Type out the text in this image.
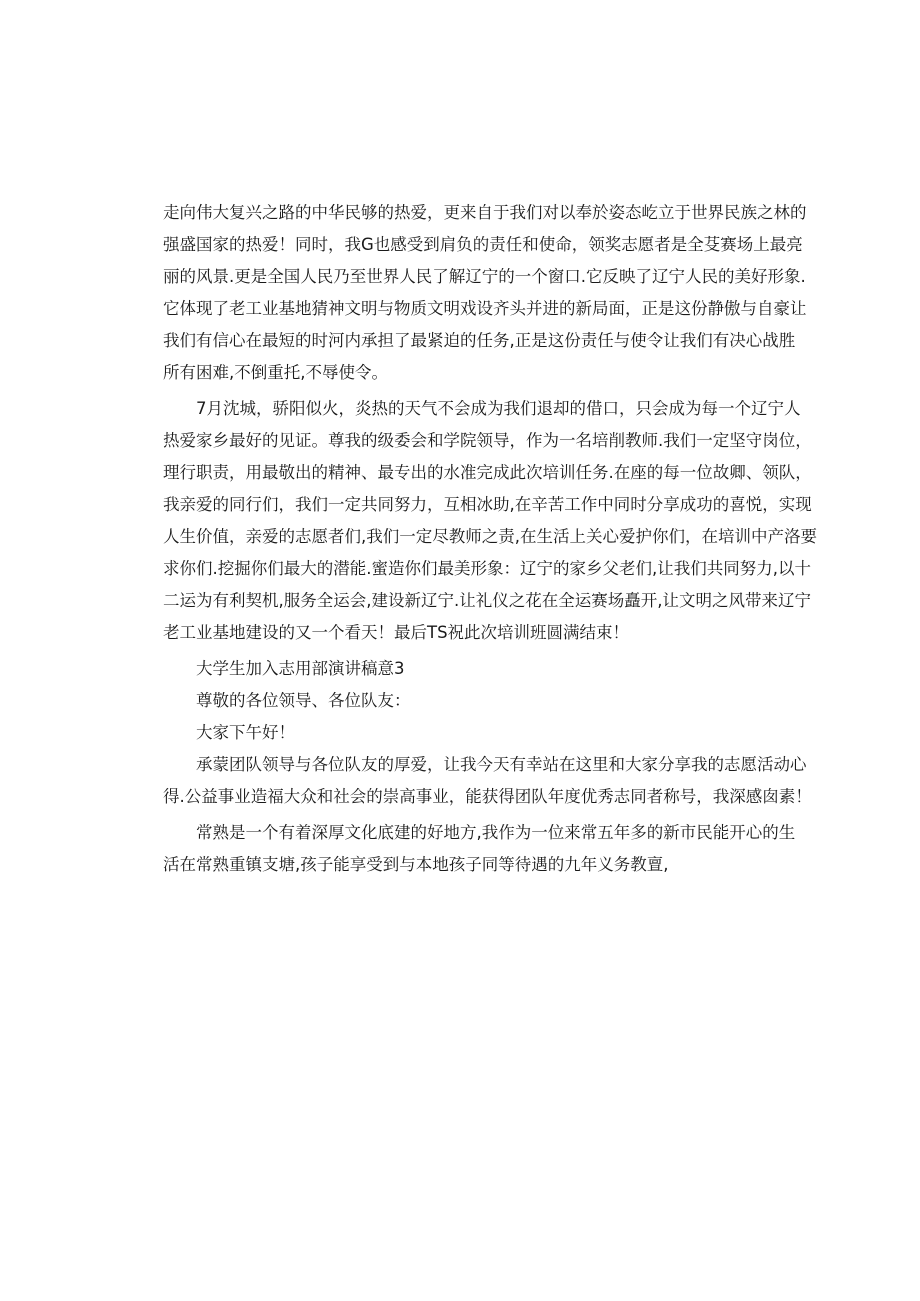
走向伟大复兴之路的中华民够的热爱，更来自于我们对以奉於姿态屹立于世界民族之林的
强盛国家的热爱！同时，我G也感受到肩负的责任和使命，领奖志愿者是全芟赛场上最亮
丽的风景.更是全国人民乃至世界人民了解辽宁的一个窗口.它反映了辽宁人民的美好形象.
它体现了老工业基地猜神文明与物质文明戏设齐头并进的新局面，正是这份静傲与自豪让
我们有信心在最短的时河内承担了最紧迫的任务,正是这份责任与使令让我们有决心战胜
所有困难,不倒重托,不辱使令。
7月沈城，骄阳似火，炎热的天气不会成为我们退却的借口，只会成为每一个辽宁人
热爱家乡最好的见证。尊我的级委会和学院领导，作为一名培削教师.我们一定坚守岗位，
理行职责，用最敬出的精神、最专出的水准完成此次培训任务.在座的每一位故卿、领队，
我亲爱的同行们，我们一定共同努力，互相冰助,在辛苦工作中同时分享成功的喜悦，实现
人生价值，亲爱的志愿者们,我们一定尽教师之责,在生活上关心爱护你们，在培训中产洛要
求你们.挖掘你们最大的潜能.蜜造你们最美形象：辽宁的家乡父老们,让我们共同努力,以十
二运为有利契机,服务全运会,建设新辽宁.让礼仪之花在全运赛场矗开,让文明之风带来辽宁
老工业基地建设的又一个看天！最后TS祝此次培训班圆满结束！
大学生加入志用部演讲稿意3
尊敬的各位领导、各位队友：
大家下午好！
承蒙团队领导与各位队友的厚爱，让我今天有幸站在这里和大家分享我的志愿活动心
得.公益事业造福大众和社会的崇高事业，能获得团队年度优秀志同者称号，我深感囱素！
常熟是一个有着深厚文化底建的好地方,我作为一位来常五年多的新市民能开心的生
活在常熟重镇支塘,孩子能享受到与本地孩子同等待遇的九年义务教亶,
